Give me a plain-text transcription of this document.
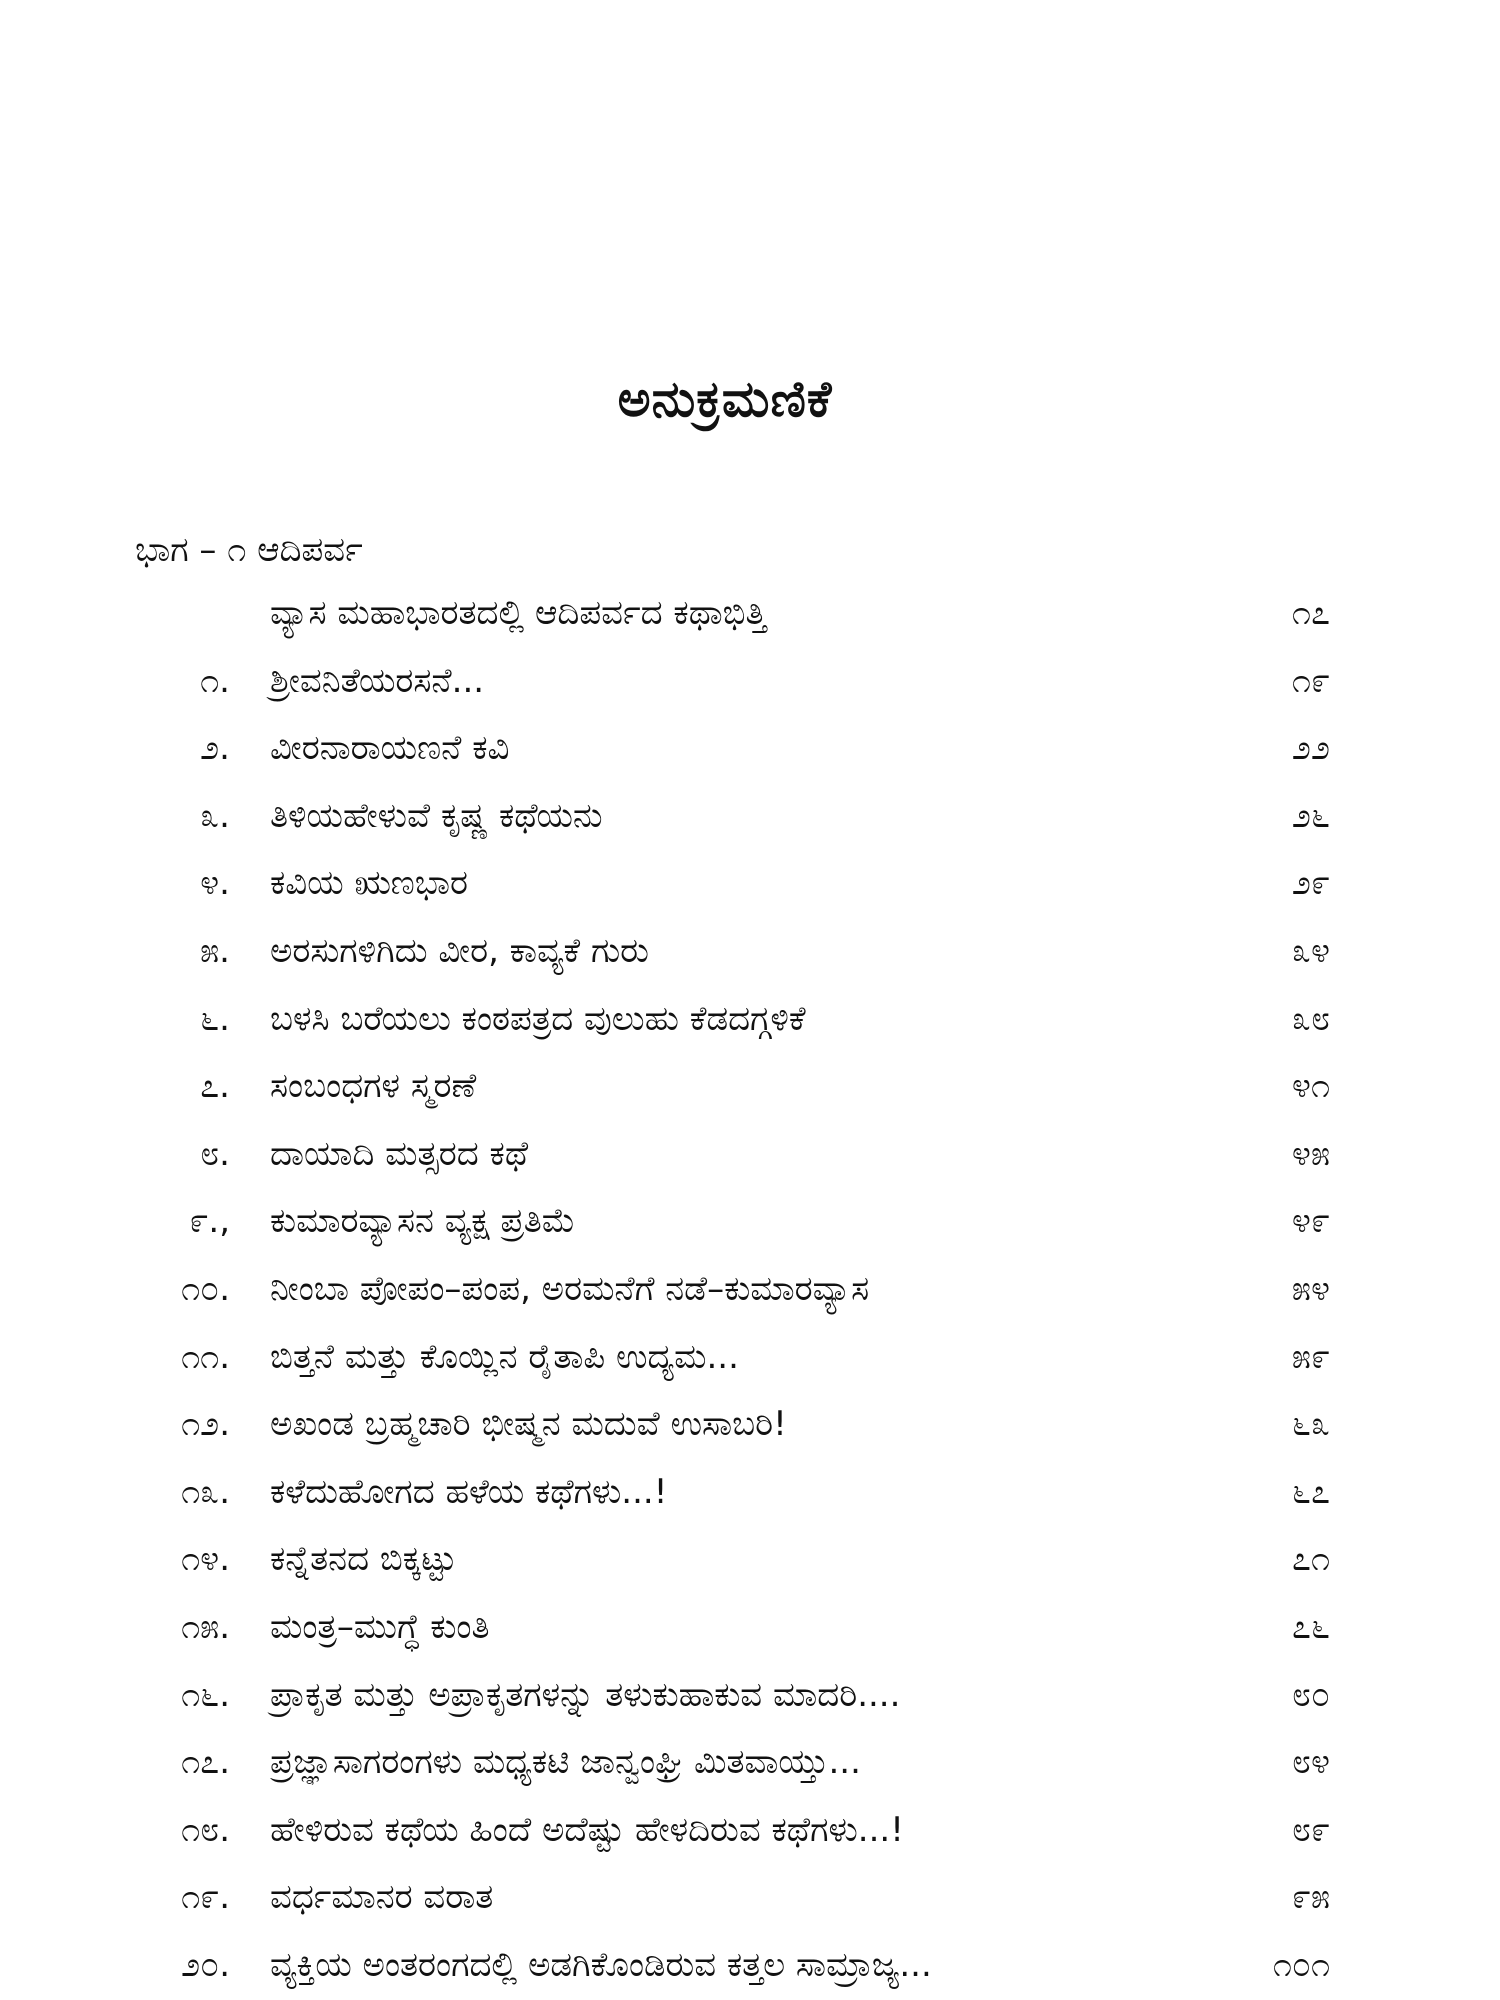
ಅನುಕ್ರಮಣಿಕೆ
ಭಾಗ – ೧ ಆದಿಪರ್ವ
ವ್ಯಾಸ ಮಹಾಭಾರತದಲ್ಲಿ ಆದಿಪರ್ವದ ಕಥಾಭಿತ್ತಿ	೧೭
೧. ಶ್ರೀವನಿತೆಯರಸನೆ...	೧೯
೨. ವೀರನಾರಾಯಣನೆ ಕವಿ	೨೨
೩. ತಿಳಿಯಹೇಳುವೆ ಕೃಷ್ಣ ಕಥೆಯನು	೨೬
೪. ಕವಿಯ ಋಣಭಾರ	೨೯
೫. ಅರಸುಗಳಿಗಿದು ವೀರ, ಕಾವ್ಯಕೆ ಗುರು	೩೪
೬. ಬಳಸಿ ಬರೆಯಲು ಕಂಠಪತ್ರದ ವುಲುಹು ಕೆಡದಗ್ಗಳಿಕೆ	೩೮
೭. ಸಂಬಂಧಗಳ ಸ್ಮರಣೆ	೪೧
೮. ದಾಯಾದಿ ಮತ್ಸರದ ಕಥೆ	೪೫
೯., ಕುಮಾರವ್ಯಾಸನ ವ್ಯಕ್ಷ ಪ್ರತಿಮೆ	೪೯
೧೦. ನೀಂಬಾ ಪೋಪಂ–ಪಂಪ, ಅರಮನೆಗೆ ನಡೆ–ಕುಮಾರವ್ಯಾಸ	೫೪
೧೧. ಬಿತ್ತನೆ ಮತ್ತು ಕೊಯ್ಲಿನ ರೈತಾಪಿ ಉದ್ಯಮ...	೫೯
೧೨. ಅಖಂಡ ಬ್ರಹ್ಮಚಾರಿ ಭೀಷ್ಮನ ಮದುವೆ ಉಸಾಬರಿ!	೬೩
೧೩. ಕಳೆದುಹೋಗದ ಹಳೆಯ ಕಥೆಗಳು...!	೬೭
೧೪. ಕನ್ನೆತನದ ಬಿಕ್ಕಟ್ಟು	೭೧
೧೫. ಮಂತ್ರ–ಮುಗ್ಧೆ ಕುಂತಿ	೭೬
೧೬. ಪ್ರಾಕೃತ ಮತ್ತು ಅಪ್ರಾಕೃತಗಳನ್ನು ತಳುಕುಹಾಕುವ ಮಾದರಿ....	೮೦
೧೭. ಪ್ರಜ್ಞಾಸಾಗರಂಗಳು ಮಧ್ಯಕಟಿ ಜಾನ್ವಂಘ್ರಿ ಮಿತವಾಯ್ತು...	೮೪
೧೮. ಹೇಳಿರುವ ಕಥೆಯ ಹಿಂದೆ ಅದೆಷ್ಟು ಹೇಳದಿರುವ ಕಥೆಗಳು...!	೮೯
೧೯. ವರ್ಧಮಾನರ ವರಾತ	೯೫
೨೦. ವ್ಯಕ್ತಿಯ ಅಂತರಂಗದಲ್ಲಿ ಅಡಗಿಕೊಂಡಿರುವ ಕತ್ತಲ ಸಾಮ್ರಾಜ್ಯ...	೧೦೧
